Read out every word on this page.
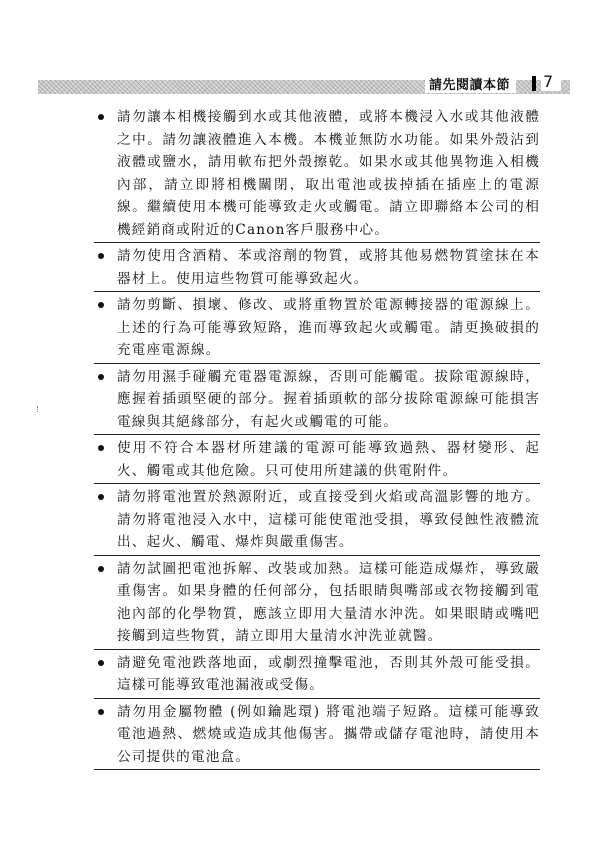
請先閱讀本節	7
請勿讓本相機接觸到水或其他液體，或將本機浸入水或其他液體之中。請勿讓液體進入本機。本機並無防水功能。如果外殼沾到液體或鹽水，請用軟布把外殼擦乾。如果水或其他異物進入相機內部，請立即將相機關閉，取出電池或拔掉插在插座上的電源線。繼續使用本機可能導致走火或觸電。請立即聯絡本公司的相機經銷商或附近的Canon客戶服務中心。
請勿使用含酒精、苯或溶劑的物質，或將其他易燃物質塗抹在本器材上。使用這些物質可能導致起火。
請勿剪斷、損壞、修改、或將重物置於電源轉接器的電源線上。上述的行為可能導致短路，進而導致起火或觸電。請更換破損的充電座電源線。
請勿用濕手碰觸充電器電源線，否則可能觸電。拔除電源線時，應握着插頭堅硬的部分。握着插頭軟的部分拔除電源線可能損害電線與其絕緣部分，有起火或觸電的可能。
使用不符合本器材所建議的電源可能導致過熱、器材變形、起火、觸電或其他危險。只可使用所建議的供電附件。
請勿將電池置於熱源附近，或直接受到火焰或高溫影響的地方。請勿將電池浸入水中，這樣可能使電池受損，導致侵蝕性液體流出、起火、觸電、爆炸與嚴重傷害。
請勿試圖把電池拆解、改裝或加熱。這樣可能造成爆炸，導致嚴重傷害。如果身體的任何部分，包括眼睛與嘴部或衣物接觸到電池內部的化學物質，應該立即用大量清水沖洗。如果眼睛或嘴吧接觸到這些物質，請立即用大量清水沖洗並就醫。
請避免電池跌落地面，或劇烈撞擊電池，否則其外殼可能受損。這樣可能導致電池漏液或受傷。
請勿用金屬物體 (例如鑰匙環) 將電池端子短路。這樣可能導致電池過熱、燃燒或造成其他傷害。攜帶或儲存電池時，請使用本公司提供的電池盒。
